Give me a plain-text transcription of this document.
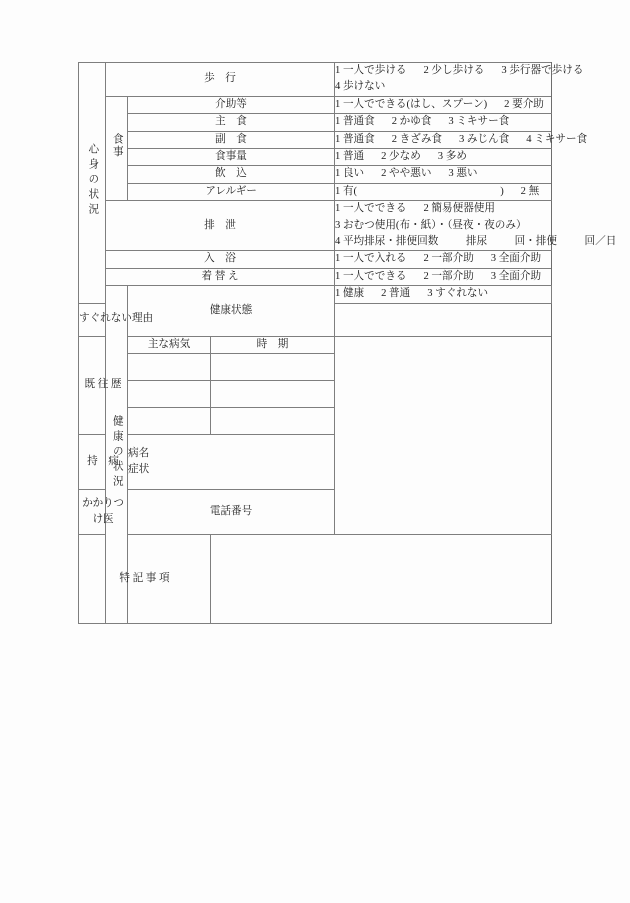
心身の状況	歩　行			1 一人で歩ける 2 少し歩ける 3 歩行器で歩ける
4 歩けない

	食事	介助等		1 一人でできる(はし、スプーン) 2 要介助

		主　食		1 普通食 2 かゆ食 3 ミキサー食

		副　食		1 普通食 2 きざみ食 3 みじん食 4 ミキサー食

		食事量		1 普通 2 少なめ 3 多め

		飲　込		1 良い 2 やや悪い 3 悪い

		アレルギー		1 有( ) 2 無

	排　泄			1 一人でできる 2 簡易便器使用
3 おむつ使用(布・紙）・（昼夜・夜のみ）
4 平均排尿・排便回数 排尿 回・排便 回／日

	入　浴			1 一人で入れる 2 一部介助 3 全面介助

	着 替 え			1 一人でできる 2 一部介助 3 全面介助

	健康の状況	健康状態		1 健康 2 普通 3 すぐれない

すぐれない理由				

既 往 歴		主な病気	時　期	

持　病		病名
症状		

かかりつけ医		電話番号		
特 記 事 項				
